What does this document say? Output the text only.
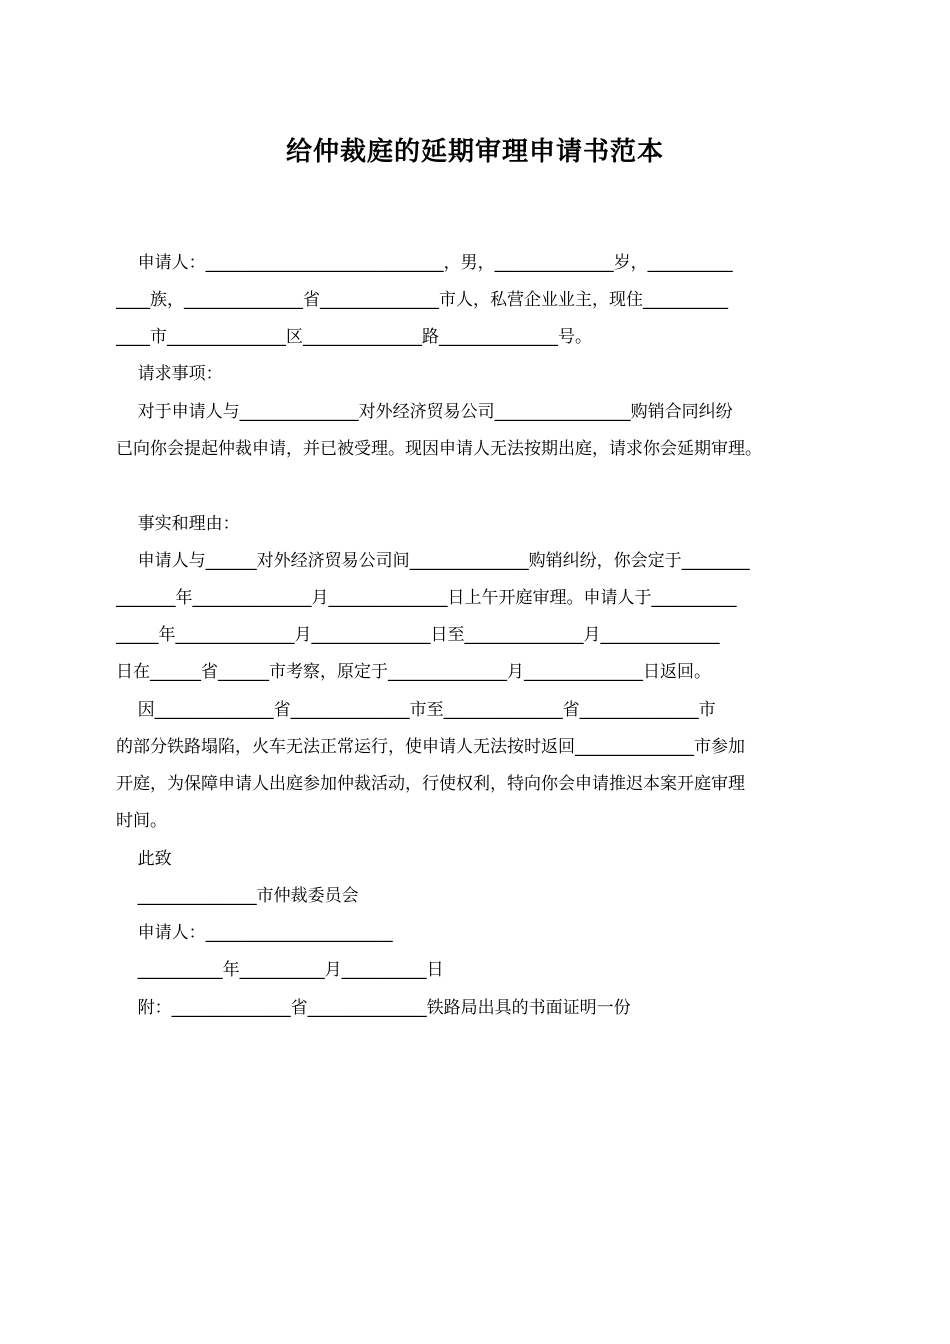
给仲裁庭的延期审理申请书范本
申请人：____________________________，男，______________岁，__________
____族，______________省______________市人，私营企业业主，现住__________
____市______________区______________路______________号。
请求事项：
对于申请人与______________对外经济贸易公司________________购销合同纠纷
已向你会提起仲裁申请，并已被受理。现因申请人无法按期出庭，请求你会延期审理。
事实和理由：
申请人与______对外经济贸易公司间______________购销纠纷，你会定于________
_______年______________月______________日上午开庭审理。申请人于__________
_____年______________月______________日至______________月______________
日在______省______市考察，原定于______________月______________日返回。
因______________省______________市至______________省______________市
的部分铁路塌陷，火车无法正常运行，使申请人无法按时返回______________市参加
开庭，为保障申请人出庭参加仲裁活动，行使权利，特向你会申请推迟本案开庭审理
时间。
此致
______________市仲裁委员会
申请人：______________________
__________年__________月__________日
附：______________省______________铁路局出具的书面证明一份
